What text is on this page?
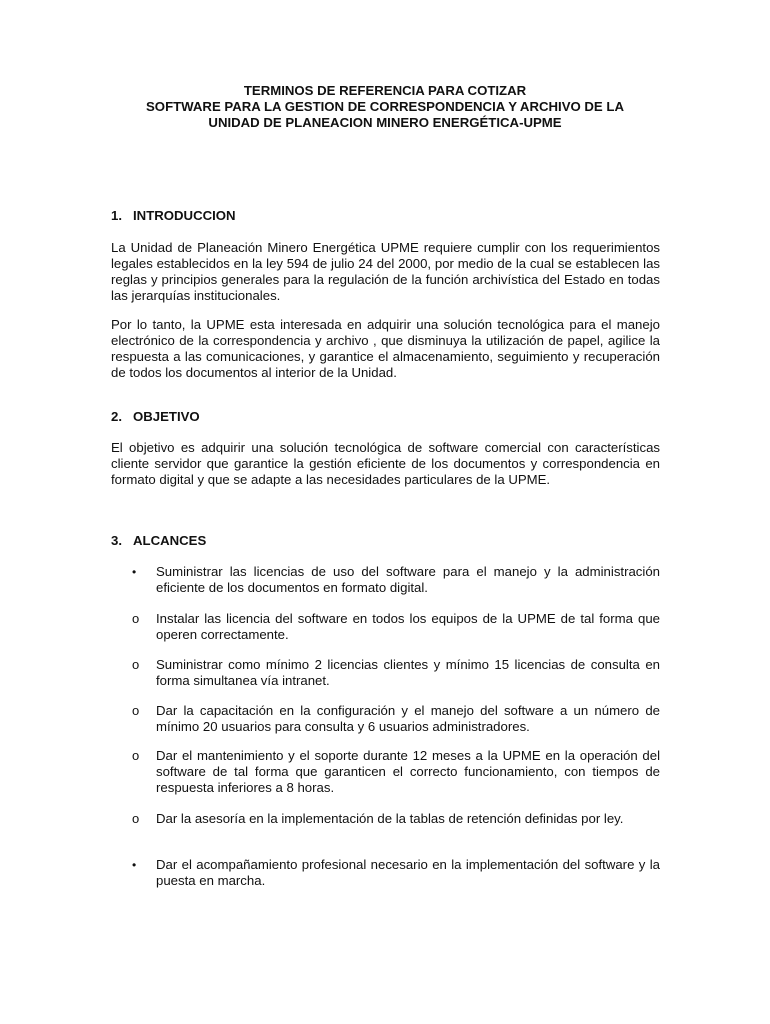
TERMINOS DE REFERENCIA PARA COTIZAR
SOFTWARE PARA LA GESTION DE CORRESPONDENCIA Y ARCHIVO DE LA
UNIDAD DE PLANEACION MINERO ENERGÉTICA-UPME
1. INTRODUCCION
La Unidad de Planeación Minero Energética UPME requiere cumplir con los requerimientos legales establecidos en la ley 594 de julio 24 del 2000, por medio de la cual se establecen las reglas y principios generales para la regulación de la función archivística del Estado en todas las jerarquías institucionales.
Por lo tanto, la UPME esta interesada en adquirir una solución tecnológica para el manejo electrónico de la correspondencia y archivo , que disminuya la utilización de papel, agilice la respuesta a las comunicaciones, y garantice el almacenamiento, seguimiento y recuperación de todos los documentos al interior de la Unidad.
2. OBJETIVO
El objetivo es adquirir una solución tecnológica de software comercial con características cliente servidor que garantice la gestión eficiente de los documentos y correspondencia en formato digital y que se adapte a las necesidades particulares de la UPME.
3. ALCANCES
•	Suministrar las licencias de uso del software para el manejo y la administración eficiente de los documentos en formato digital.
o	Instalar las licencia del software en todos los equipos de la UPME de tal forma que operen correctamente.
o	Suministrar como mínimo 2 licencias clientes y mínimo 15 licencias de consulta en forma simultanea vía intranet.
o	Dar la capacitación en la configuración y el manejo del software a un número de mínimo 20 usuarios para consulta y 6 usuarios administradores.
o	Dar el mantenimiento y el soporte durante 12 meses a la UPME en la operación del software de tal forma que garanticen el correcto funcionamiento, con tiempos de respuesta inferiores a 8 horas.
o	Dar la asesoría en la implementación de la tablas de retención definidas por ley.
•	Dar el acompañamiento profesional necesario en la implementación del software y la puesta en marcha.
